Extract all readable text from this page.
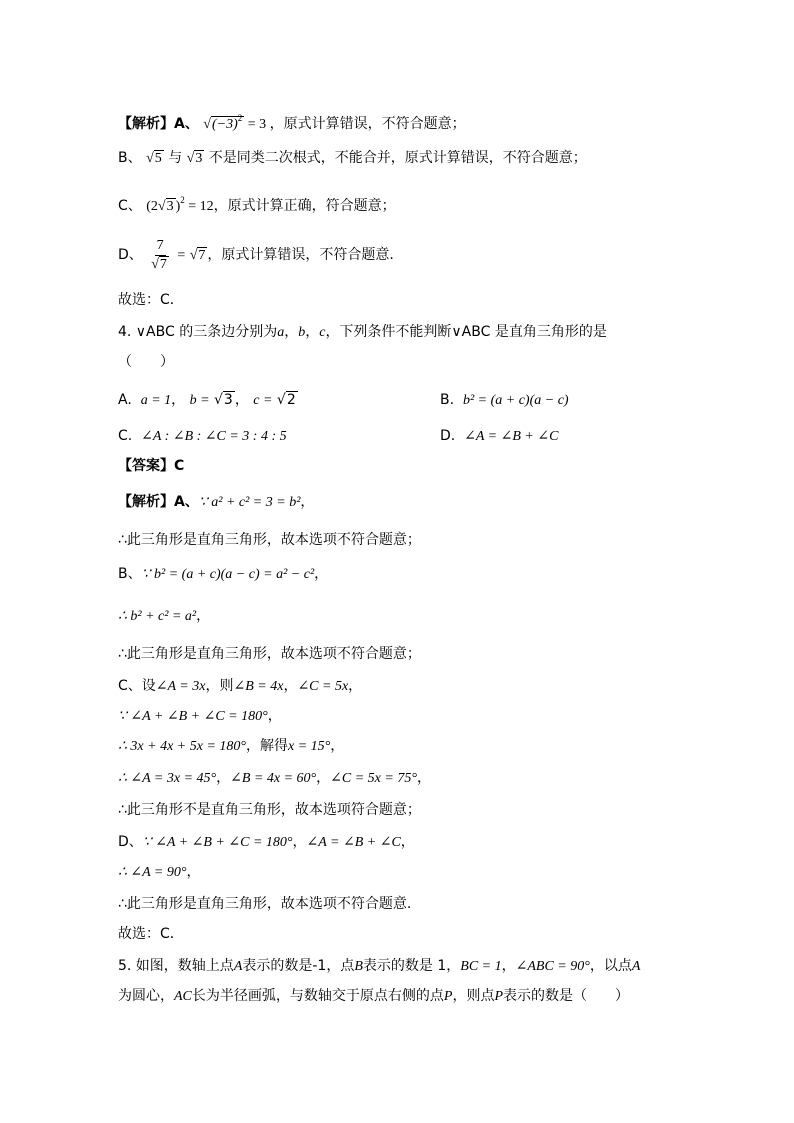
【解析】A、 $√(-3)^2 = 3$ ，原式计算错误，不符合题意；
B、 √5 与 √3 不是同类二次根式，不能合并，原式计算错误，不符合题意；
C、 (2√3 )$^2$ = 12，原式计算正确，符合题意；
D、 $\frac{7}{√7} = √7$ ，原式计算错误，不符合题意.
故选：C．
4. ∨ABC 的三条边分别为a，b，c，下列条件不能判断∨ABC 是直角三角形的是
（　　）
A. a = 1， b = √3 ， c = √2	B. b² = (a + c)(a − c)
C. ∠A : ∠B : ∠C = 3 : 4 : 5	D. ∠A = ∠B + ∠C
【答案】C
【解析】A、∵ a² + c² = 3 = b²，
∴此三角形是直角三角形，故本选项不符合题意；
B、∵ b² = (a + c)(a − c) = a² − c²，
∴ b² + c² = a²，
∴此三角形是直角三角形，故本选项不符合题意；
C、设∠A = 3x，则∠B = 4x，∠C = 5x，
∵ ∠A + ∠B + ∠C = 180°，
∴ 3x + 4x + 5x = 180°，解得x = 15°，
∴ ∠A = 3x = 45°，∠B = 4x = 60°，∠C = 5x = 75°，
∴此三角形不是直角三角形，故本选项符合题意；
D、∵ ∠A + ∠B + ∠C = 180°，∠A = ∠B + ∠C，
∴ ∠A = 90°，
∴此三角形是直角三角形，故本选项不符合题意.
故选：C．
5. 如图，数轴上点A表示的数是-1，点B表示的数是 1，BC = 1，∠ABC = 90°，以点A
为圆心，AC长为半径画弧，与数轴交于原点右侧的点P，则点P表示的数是（　　）
